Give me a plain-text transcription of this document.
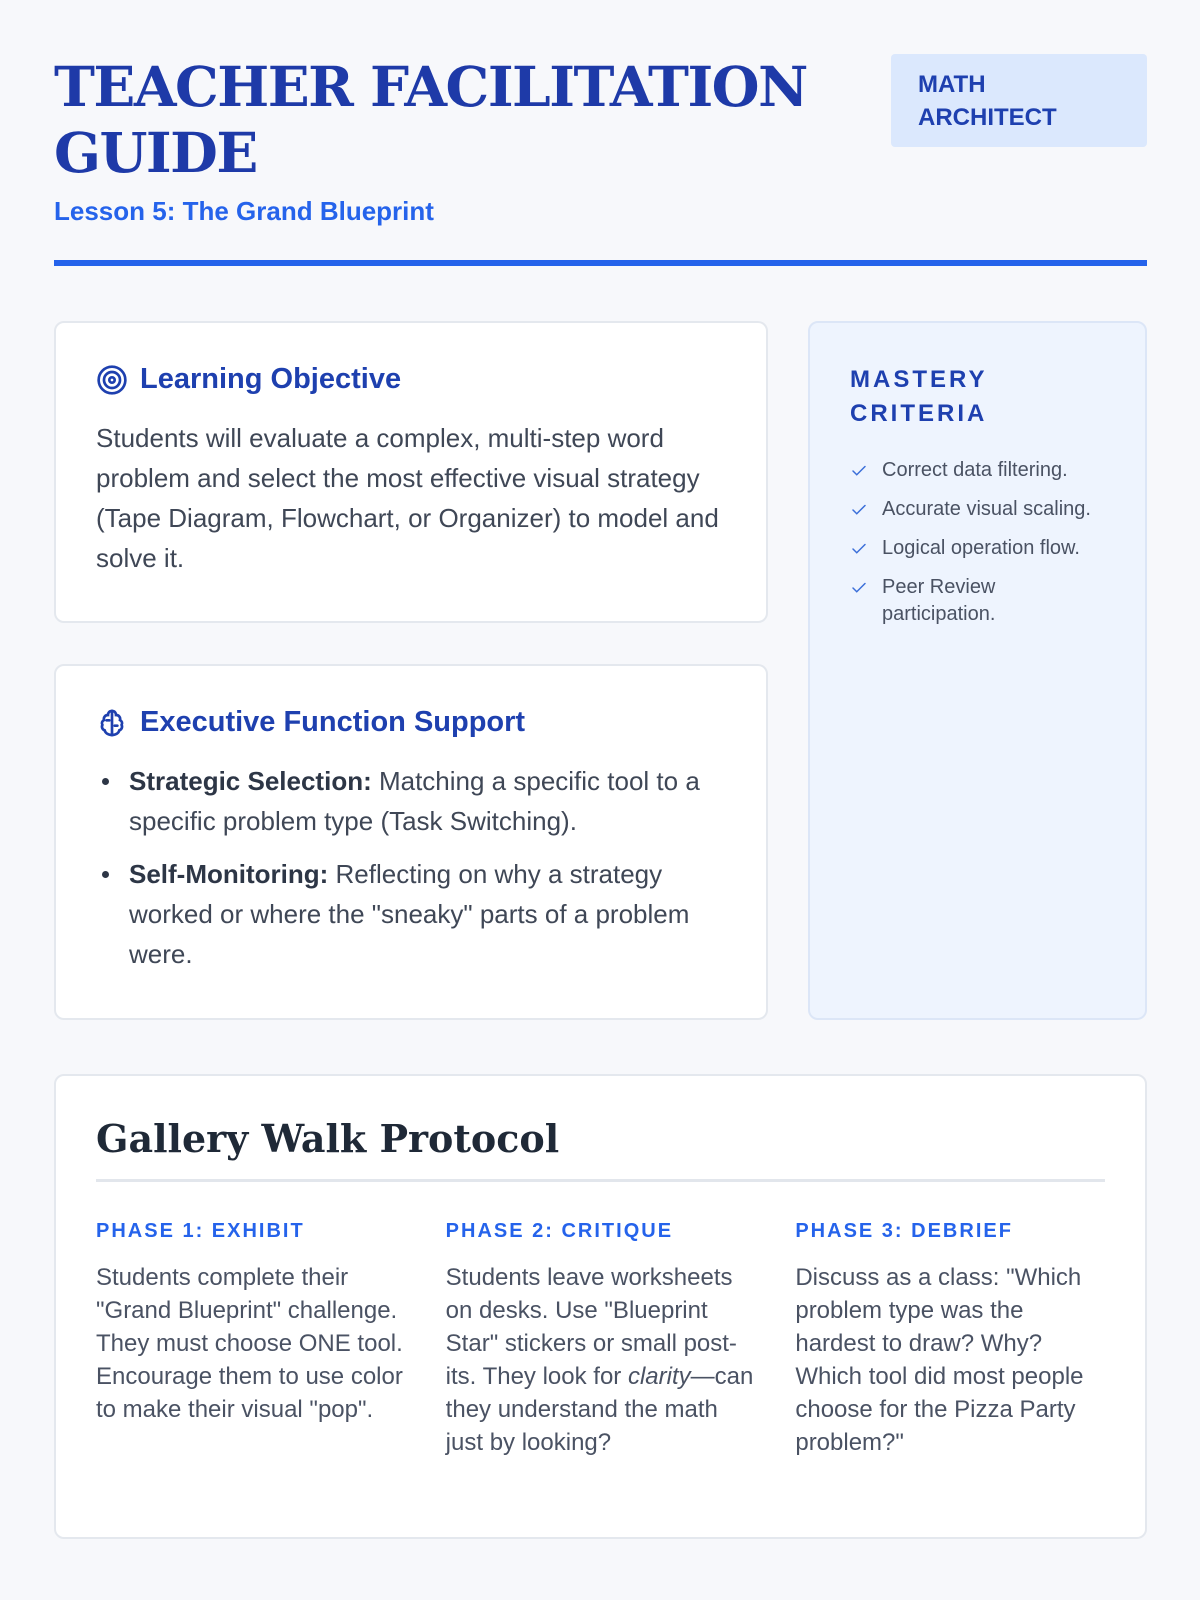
TEACHER FACILITATION GUIDE
Lesson 5: The Grand Blueprint
MATH
ARCHITECT
Learning Objective

Students will evaluate a complex, multi-step word problem and select the most effective visual strategy (Tape Diagram, Flowchart, or Organizer) to model and solve it.

Executive Function Support
Strategic Selection: Matching a specific tool to a specific problem type (Task Switching).
Self-Monitoring: Reflecting on why a strategy worked or where the "sneaky" parts of a problem were.
MASTERY CRITERIA
Correct data filtering.
Accurate visual scaling.
Logical operation flow.
Peer Review participation.
Gallery Walk Protocol
PHASE 1: EXHIBIT

Students complete their "Grand Blueprint" challenge. They must choose ONE tool. Encourage them to use color to make their visual "pop".

PHASE 2: CRITIQUE

Students leave worksheets on desks. Use "Blueprint Star" stickers or small post-its. They look for clarity—can they understand the math just by looking?

PHASE 3: DEBRIEF

Discuss as a class: "Which problem type was the hardest to draw? Why? Which tool did most people choose for the Pizza Party problem?"
